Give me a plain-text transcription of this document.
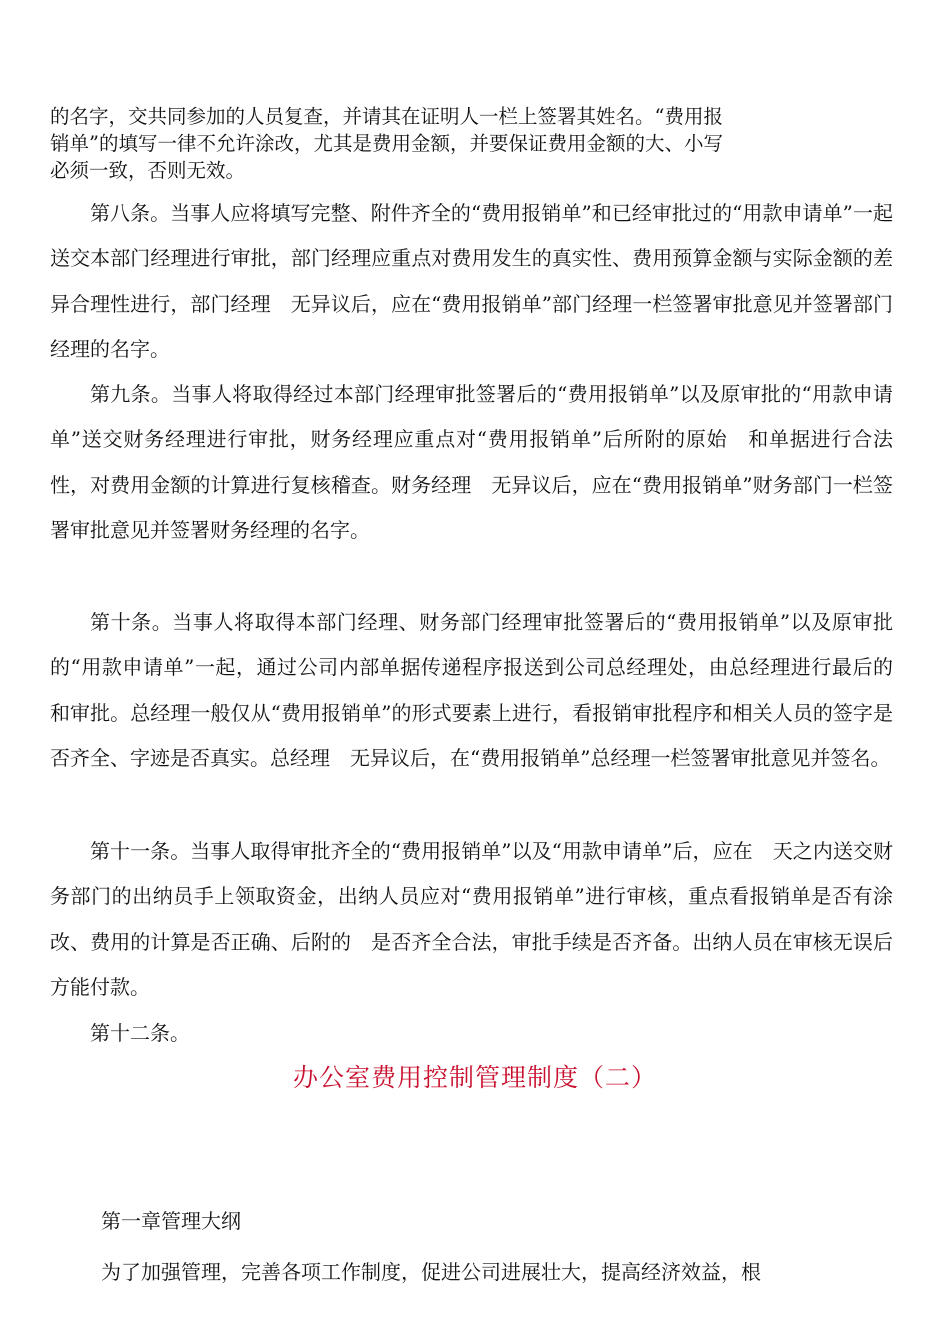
的名字，交共同参加的人员复查，并请其在证明人一栏上签署其姓名。“费用报
销单”的填写一律不允许涂改，尤其是费用金额，并要保证费用金额的大、小写
必须一致，否则无效。

第八条。当事人应将填写完整、附件齐全的“费用报销单”和已经审批过的“用款申请单”一起送交本部门经理进行审批，部门经理应重点对费用发生的真实性、费用预算金额与实际金额的差异合理性进行，部门经理　无异议后，应在“费用报销单”部门经理一栏签署审批意见并签署部门经理的名字。

第九条。当事人将取得经过本部门经理审批签署后的“费用报销单”以及原审批的“用款申请单”送交财务经理进行审批，财务经理应重点对“费用报销单”后所附的原始　和单据进行合法性，对费用金额的计算进行复核稽查。财务经理　无异议后，应在“费用报销单”财务部门一栏签署审批意见并签署财务经理的名字。

第十条。当事人将取得本部门经理、财务部门经理审批签署后的“费用报销单”以及原审批的“用款申请单”一起，通过公司内部单据传递程序报送到公司总经理处，由总经理进行最后的　和审批。总经理一般仅从“费用报销单”的形式要素上进行，看报销审批程序和相关人员的签字是否齐全、字迹是否真实。总经理　无异议后，在“费用报销单”总经理一栏签署审批意见并签名。

第十一条。当事人取得审批齐全的“费用报销单”以及“用款申请单”后，应在　天之内送交财务部门的出纳员手上领取资金，出纳人员应对“费用报销单”进行审核，重点看报销单是否有涂改、费用的计算是否正确、后附的　是否齐全合法，审批手续是否齐备。出纳人员在审核无误后方能付款。

第十二条。

办公室费用控制管理制度（二）
第一章管理大纲
为了加强管理，完善各项工作制度，促进公司进展壮大，提高经济效益，根
